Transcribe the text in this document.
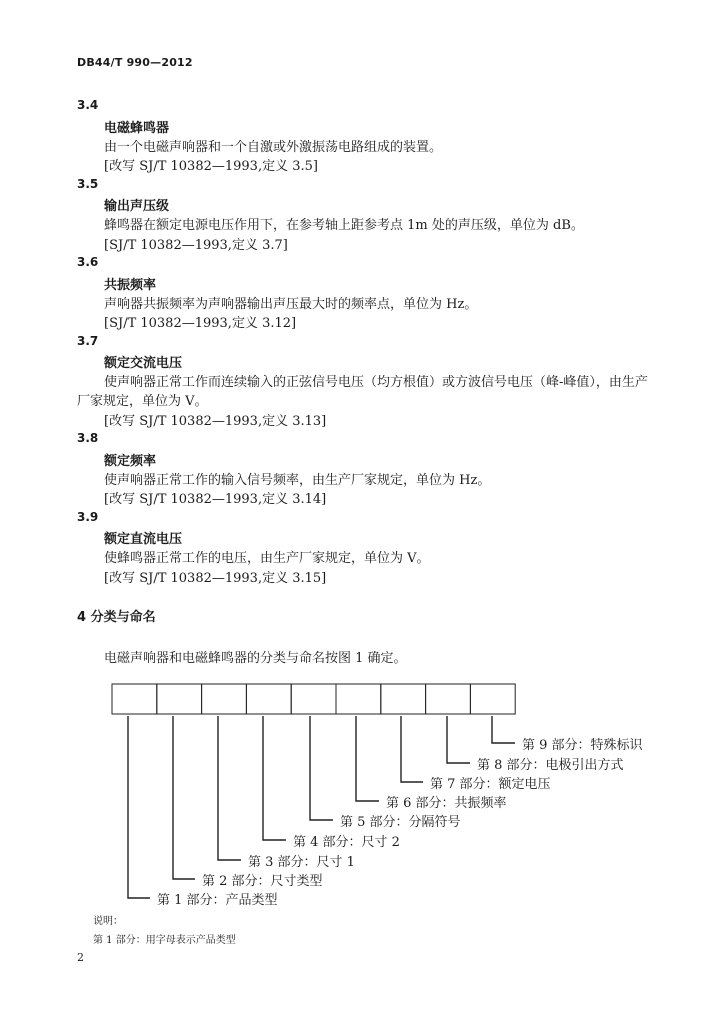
DB44/T 990—2012
3.4
电磁蜂鸣器
由一个电磁声响器和一个自激或外激振荡电路组成的装置。
[改写 SJ/T 10382—1993,定义 3.5]
3.5
输出声压级
蜂鸣器在额定电源电压作用下，在参考轴上距参考点 1m 处的声压级，单位为 dB。
[SJ/T 10382—1993,定义 3.7]
3.6
共振频率
声响器共振频率为声响器输出声压最大时的频率点，单位为 Hz。
[SJ/T 10382—1993,定义 3.12]
3.7
额定交流电压
使声响器正常工作而连续输入的正弦信号电压（均方根值）或方波信号电压（峰-峰值），由生产
厂家规定，单位为 V。
[改写 SJ/T 10382—1993,定义 3.13]
3.8
额定频率
使声响器正常工作的输入信号频率，由生产厂家规定，单位为 Hz。
[改写 SJ/T 10382—1993,定义 3.14]
3.9
额定直流电压
使蜂鸣器正常工作的电压，由生产厂家规定，单位为 V。
[改写 SJ/T 10382—1993,定义 3.15]
4 分类与命名
电磁声响器和电磁蜂鸣器的分类与命名按图 1 确定。
第 1 部分：产品类型
第 2 部分：尺寸类型
第 3 部分：尺寸 1
第 4 部分：尺寸 2
第 5 部分：分隔符号
第 6 部分：共振频率
第 7 部分：额定电压
第 8 部分：电极引出方式
第 9 部分：特殊标识
说明：
第 1 部分：用字母表示产品类型
2
